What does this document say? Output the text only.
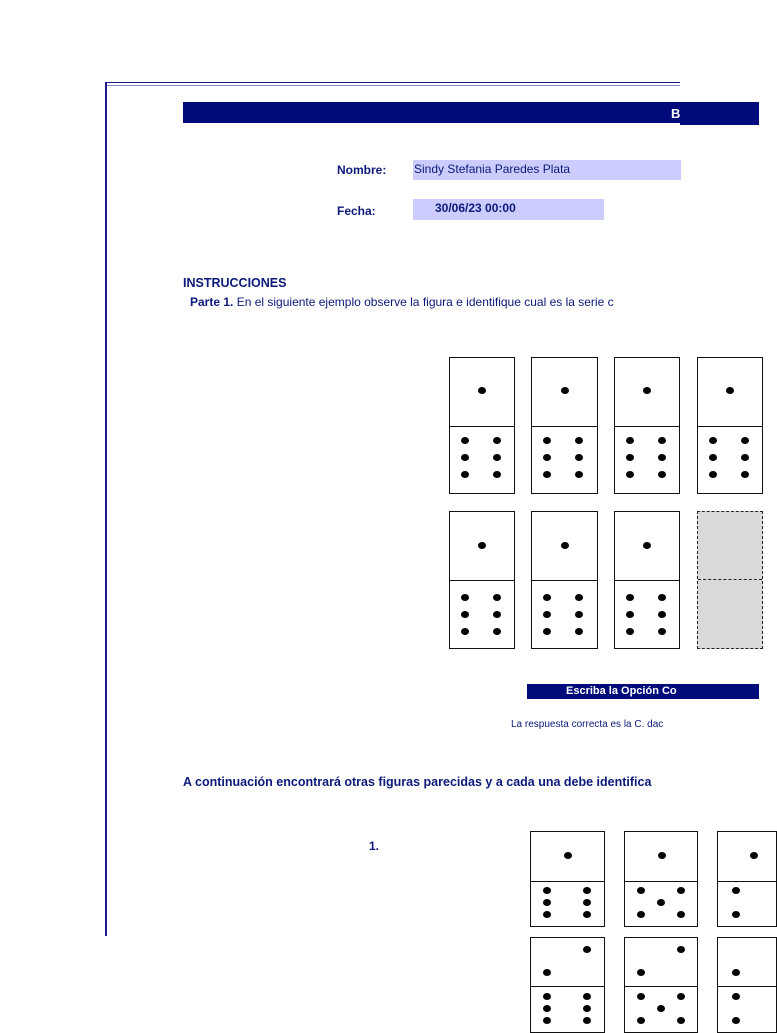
B
Nombre: Sindy Stefania Paredes Plata
Fecha:	30/06/23 00:00
INSTRUCCIONES
Parte 1. En el siguiente ejemplo observe la figura e identifique cual es la serie c
Escriba la Opción Co
La respuesta correcta es la C. dac
A continuación encontrará otras figuras parecidas y a cada una debe identifica
1.
